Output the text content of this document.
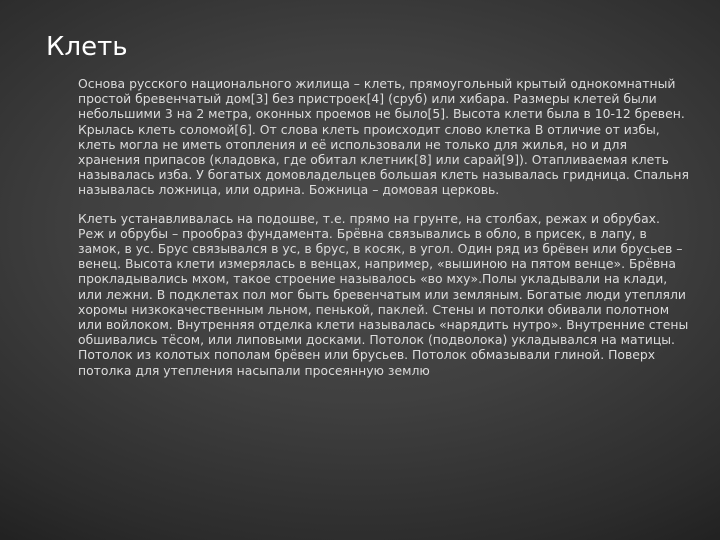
Клеть

Основа русского национального жилища – клеть, прямоугольный крытый однокомнатный простой бревенчатый дом[3] без пристроек[4] (сруб) или хибара. Размеры клетей были небольшими 3 на 2 метра, оконных проемов не было[5]. Высота клети была в 10-12 бревен. Крылась клеть соломой[6]. От слова клеть происходит слово клетка В отличие от избы, клеть могла не иметь отопления и её использовали не только для жилья, но и для хранения припасов (кладовка, где обитал клетник[8] или сарай[9]). Отапливаемая клеть называлась изба. У богатых домовладельцев большая клеть называлась гридница. Спальня называлась ложница, или одрина. Божница – домовая церковь.

Клеть устанавливалась на подошве, т.е. прямо на грунте, на столбах, режах и обрубах. Реж и обрубы – прообраз фундамента. Брёвна связывались в обло, в присек, в лапу, в замок, в ус. Брус связывался в ус, в брус, в косяк, в угол. Один ряд из брёвен или брусьев – венец. Высота клети измерялась в венцах, например, «вышиною на пятом венце». Брёвна прокладывались мхом, такое строение называлось «во мху».Полы укладывали на клади, или лежни. В подклетах пол мог быть бревенчатым или земляным. Богатые люди утепляли хоромы низкокачественным льном, пенькой, паклей. Стены и потолки обивали полотном или войлоком. Внутренняя отделка клети называлась «нарядить нутро». Внутренние стены обшивались тёсом, или липовыми досками. Потолок (подволока) укладывался на матицы. Потолок из колотых пополам брёвен или брусьев. Потолок обмазывали глиной. Поверх потолка для утепления насыпали просеянную землю
